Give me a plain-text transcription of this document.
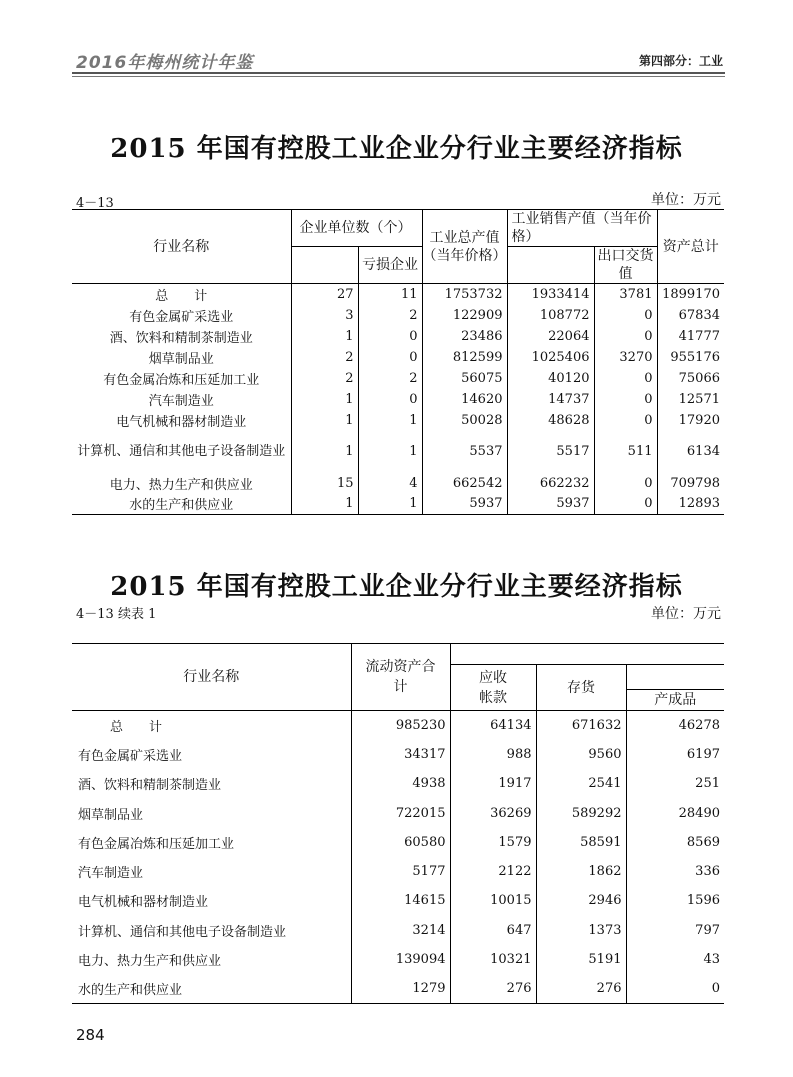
2016年梅州统计年鉴	第四部分：工业
2015 年国有控股工业企业分行业主要经济指标
4－13	单位：万元
行业名称	企业单位数（个）		工业总产值（当年价格）	工业销售产值（当年价格）		资产总计
		亏损企业			出口交货值	
总　　计	27	11	1753732	1933414	3781	1899170
有色金属矿采选业	3	2	122909	108772	0	67834
酒、饮料和精制茶制造业	1	0	23486	22064	0	41777
烟草制品业	2	0	812599	1025406	3270	955176
有色金属冶炼和压延加工业	2	2	56075	40120	0	75066
汽车制造业	1	0	14620	14737	0	12571
电气机械和器材制造业	1	1	50028	48628	0	17920
计算机、通信和其他电子设备制造业	1	1	5537	5517	511	6134
电力、热力生产和供应业	15	4	662542	662232	0	709798
水的生产和供应业	1	1	5937	5937	0	12893
2015 年国有控股工业企业分行业主要经济指标
4－13 续表 1	单位：万元
行业名称	流动资产合计			
		应收帐款	存货	
				产成品
总　　计	985230	64134	671632	46278
有色金属矿采选业	34317	988	9560	6197
酒、饮料和精制茶制造业	4938	1917	2541	251
烟草制品业	722015	36269	589292	28490
有色金属冶炼和压延加工业	60580	1579	58591	8569
汽车制造业	5177	2122	1862	336
电气机械和器材制造业	14615	10015	2946	1596
计算机、通信和其他电子设备制造业	3214	647	1373	797
电力、热力生产和供应业	139094	10321	5191	43
水的生产和供应业	1279	276	276	0
284
